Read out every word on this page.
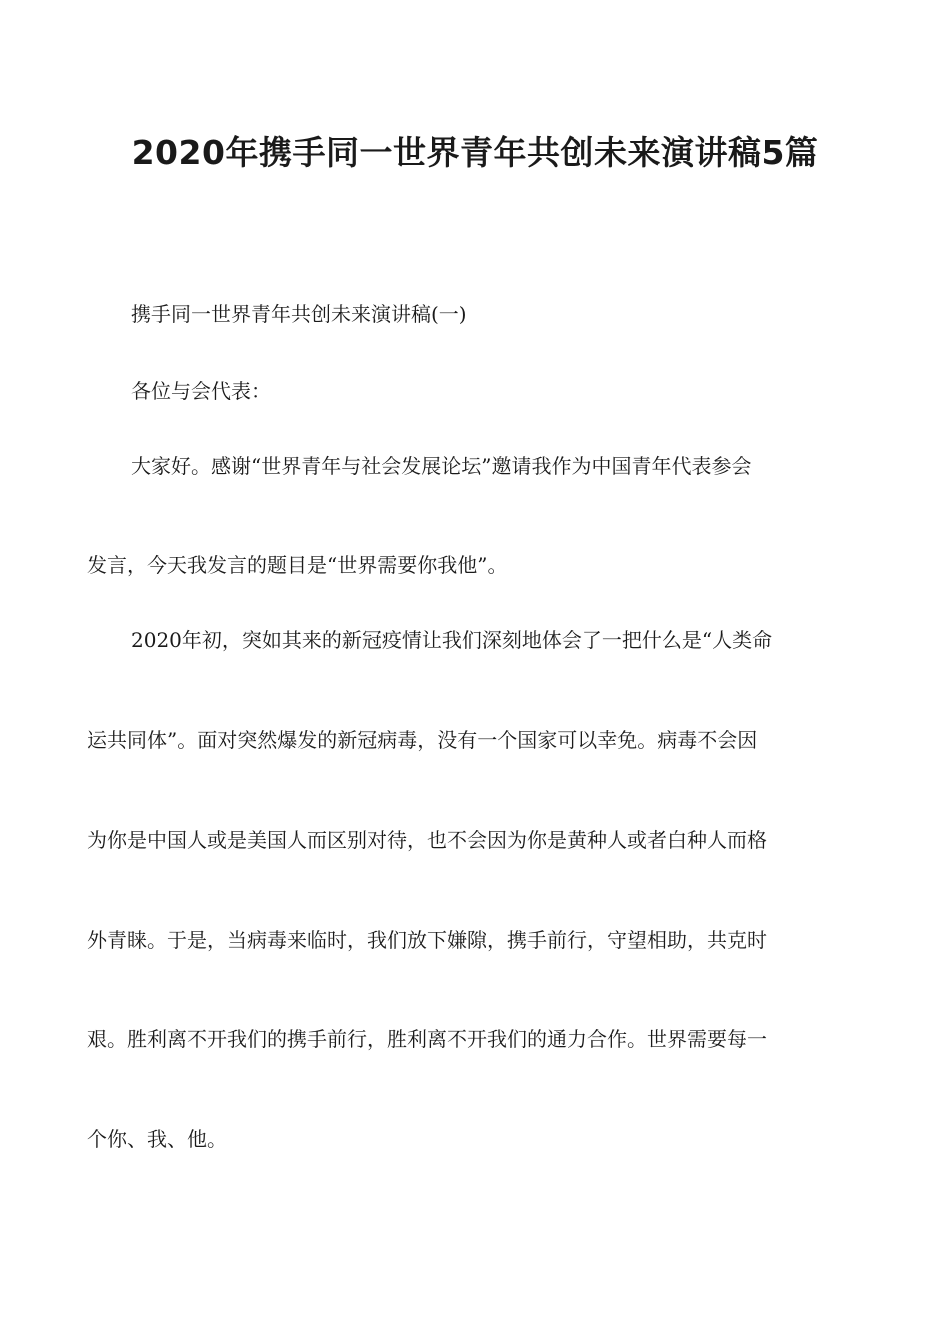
2020年携手同一世界青年共创未来演讲稿5篇

携手同一世界青年共创未来演讲稿(一)

各位与会代表：

大家好。感谢“世界青年与社会发展论坛”邀请我作为中国青年代表参会

发言，今天我发言的题目是“世界需要你我他”。

2020年初，突如其来的新冠疫情让我们深刻地体会了一把什么是“人类命

运共同体”。面对突然爆发的新冠病毒，没有一个国家可以幸免。病毒不会因

为你是中国人或是美国人而区别对待，也不会因为你是黄种人或者白种人而格

外青睐。于是，当病毒来临时，我们放下嫌隙，携手前行，守望相助，共克时

艰。胜利离不开我们的携手前行，胜利离不开我们的通力合作。世界需要每一

个你、我、他。
